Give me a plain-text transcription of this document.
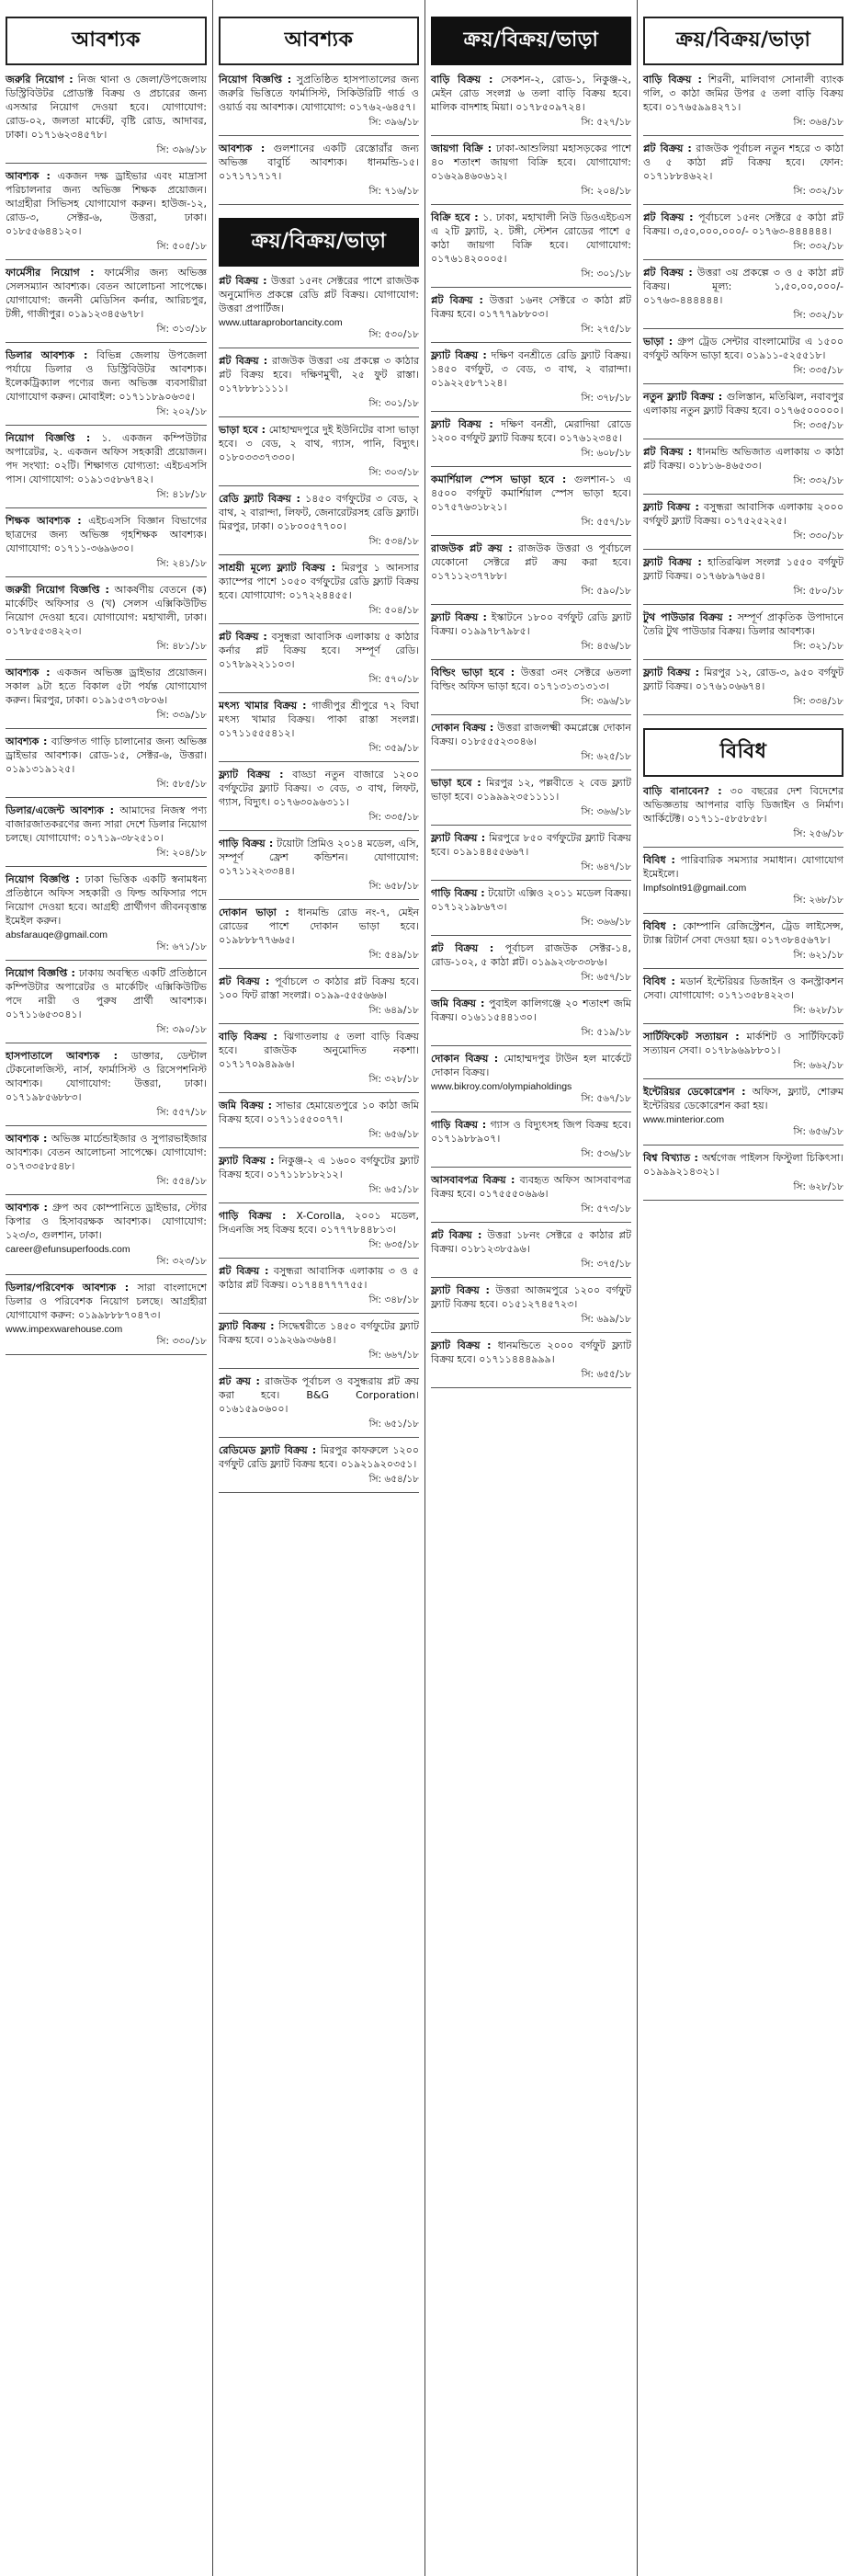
আবশ্যক
জরুরি নিয়োগ : নিজ থানা ও জেলা/উপজেলায় ডিস্ট্রিবিউটর প্রোডাক্ট বিক্রয় ও প্রচারের জন্য এসআর নিয়োগ দেওয়া হবে। যোগাযোগ: রোড-০২, জলতা মার্কেট, বৃষ্টি রোড, আদাবর, ঢাকা। ০১৭১৬২৩৪৫৭৮।
সি: ৩৯৬/১৮
আবশ্যক : একজন দক্ষ ড্রাইভার এবং মাদ্রাসা পরিচালনার জন্য অভিজ্ঞ শিক্ষক প্রয়োজন। আগ্রহীরা সিভিসহ যোগাযোগ করুন। হাউজ-১২, রোড-৩, সেক্টর-৬, উত্তরা, ঢাকা। ০১৮৫৫৬৪৪১২০।
সি: ৫০৫/১৮
ফার্মেসীর নিয়োগ : ফার্মেসীর জন্য অভিজ্ঞ সেলসম্যান আবশ্যক। বেতন আলোচনা সাপেক্ষে। যোগাযোগ: জননী মেডিসিন কর্নার, আরিচপুর, টঙ্গী, গাজীপুর। ০১৯১২৩৪৫৬৭৮।
সি: ৩১৩/১৮
ডিলার আবশ্যক : বিভিন্ন জেলায় উপজেলা পর্যায়ে ডিলার ও ডিস্ট্রিবিউটর আবশ্যক। ইলেকট্রিক্যাল পণ্যের জন্য অভিজ্ঞ ব্যবসায়ীরা যোগাযোগ করুন। মোবাইল: ০১৭১১৮৯০৬৩৫।
সি: ২০২/১৮
নিয়োগ বিজ্ঞপ্তি : ১. একজন কম্পিউটার অপারেটর, ২. একজন অফিস সহকারী প্রয়োজন। পদ সংখ্যা: ০২টি। শিক্ষাগত যোগ্যতা: এইচএসসি পাস। যোগাযোগ: ০১৯১৩৫৮৬৭৪২।
সি: ৪১৮/১৮
শিক্ষক আবশ্যক : এইচএসসি বিজ্ঞান বিভাগের ছাত্রদের জন্য অভিজ্ঞ গৃহশিক্ষক আবশ্যক। যোগাযোগ: ০১৭১১-৩৬৯৬৩০।
সি: ২৪১/১৮
জরুরী নিয়োগ বিজ্ঞপ্তি : আকর্ষণীয় বেতনে (ক) মার্কেটিং অফিসার ও (খ) সেলস এক্সিকিউটিভ নিয়োগ দেওয়া হবে। যোগাযোগ: মহাখালী, ঢাকা। ০১৭৮৫৫৩৪২২৩।
সি: ৪৮১/১৮
আবশ্যক : একজন অভিজ্ঞ ড্রাইভার প্রয়োজন। সকাল ৯টা হতে বিকাল ৫টা পর্যন্ত যোগাযোগ করুন। মিরপুর, ঢাকা। ০১৯১৫৩৭৩৮০৬।
সি: ৩৩৯/১৮
আবশ্যক : ব্যক্তিগত গাড়ি চালানোর জন্য অভিজ্ঞ ড্রাইভার আবশ্যক। রোড-১৫, সেক্টর-৬, উত্তরা। ০১৯১৩১৯১২৫।
সি: ৫৮৫/১৮
ডিলার/এজেন্ট আবশ্যক : আমাদের নিজস্ব পণ্য বাজারজাতকরণের জন্য সারা দেশে ডিলার নিয়োগ চলছে। যোগাযোগ: ০১৭১৯-৩৮২৫১০।
সি: ২০৪/১৮
নিয়োগ বিজ্ঞপ্তি : ঢাকা ভিত্তিক একটি স্বনামধন্য প্রতিষ্ঠানে অফিস সহকারী ও ফিল্ড অফিসার পদে নিয়োগ দেওয়া হবে। আগ্রহী প্রার্থীগণ জীবনবৃত্তান্ত ইমেইল করুন।
absfarauqe@gmail.com
সি: ৬৭১/১৮
নিয়োগ বিজ্ঞপ্তি : ঢাকায় অবস্থিত একটি প্রতিষ্ঠানে কম্পিউটার অপারেটর ও মার্কেটিং এক্সিকিউটিভ পদে নারী ও পুরুষ প্রার্থী আবশ্যক। ০১৭১১৬৫৩০৪১।
সি: ৩৯০/১৮
হাসপাতালে আবশ্যক : ডাক্তার, ডেন্টাল টেকনোলজিস্ট, নার্স, ফার্মাসিস্ট ও রিসেপশনিস্ট আবশ্যক। যোগাযোগ: উত্তরা, ঢাকা। ০১৭১৯৮৫৬৮৮৩।
সি: ৫৫৭/১৮
আবশ্যক : অভিজ্ঞ মার্চেন্ডাইজার ও সুপারভাইজার আবশ্যক। বেতন আলোচনা সাপেক্ষে। যোগাযোগ: ০১৭৩৩৫৮৫৪৮।
সি: ৫৫৪/১৮
আবশ্যক : গ্রুপ অব কোম্পানিতে ড্রাইভার, স্টোর কিপার ও হিসাবরক্ষক আবশ্যক। যোগাযোগ: ১২৩/৩, গুলশান, ঢাকা।
career@efunsuperfoods.com
সি: ৩২৩/১৮
ডিলার/পরিবেশক আবশ্যক : সারা বাংলাদেশে ডিলার ও পরিবেশক নিয়োগ চলছে। আগ্রহীরা যোগাযোগ করুন: ০১৯৯৮৮৮৭০৪৭৩।
www.impexwarehouse.com
সি: ৩৩০/১৮
আবশ্যক
নিয়োগ বিজ্ঞপ্তি : সুপ্রতিষ্ঠিত হাসপাতালের জন্য জরুরি ভিত্তিতে ফার্মাসিস্ট, সিকিউরিটি গার্ড ও ওয়ার্ড বয় আবশ্যক। যোগাযোগ: ০১৭৬২-৬৪৫৭।
সি: ৩৯৬/১৮
আবশ্যক : গুলশানের একটি রেস্তোরাঁর জন্য অভিজ্ঞ বাবুর্চি আবশ্যক। ধানমন্ডি-১৫। ০১৭১৭১৭১৭।
সি: ৭১৬/১৮
ক্রয়/বিক্রয়/ভাড়া
প্লট বিক্রয় : উত্তরা ১৫নং সেক্টরের পাশে রাজউক অনুমোদিত প্রকল্পে রেডি প্লট বিক্রয়। যোগাযোগ: উত্তরা প্রপার্টিজ।
www.uttaraprobortancity.com
সি: ৫৩০/১৮
প্লট বিক্রয় : রাজউক উত্তরা ৩য় প্রকল্পে ৩ কাঠার প্লট বিক্রয় হবে। দক্ষিণমুখী, ২৫ ফুট রাস্তা। ০১৭৮৮৮১১১১।
সি: ৩০১/১৮
ভাড়া হবে : মোহাম্মদপুরে দুই ইউনিটের বাসা ভাড়া হবে। ৩ বেড, ২ বাথ, গ্যাস, পানি, বিদ্যুৎ। ০১৮০৩৩৩৭৩৩০।
সি: ৩০৩/১৮
রেডি ফ্ল্যাট বিক্রয় : ১৪৫০ বর্গফুটের ৩ বেড, ২ বাথ, ২ বারান্দা, লিফট, জেনারেটরসহ রেডি ফ্ল্যাট। মিরপুর, ঢাকা। ০১৮০০৫৭৭০০।
সি: ৫৩৪/১৮
সাশ্রয়ী মূল্যে ফ্ল্যাট বিক্রয় : মিরপুর ১ আনসার ক্যাম্পের পাশে ১০৫০ বর্গফুটের রেডি ফ্ল্যাট বিক্রয় হবে। যোগাযোগ: ০১৭২২৪৪৫৫।
সি: ৫০৪/১৮
প্লট বিক্রয় : বসুন্ধরা আবাসিক এলাকায় ৫ কাঠার কর্নার প্লট বিক্রয় হবে। সম্পূর্ণ রেডি। ০১৭৮৯২২১১০৩।
সি: ৫৭০/১৮
মৎস্য খামার বিক্রয় : গাজীপুর শ্রীপুরে ৭২ বিঘা মৎস্য খামার বিক্রয়। পাকা রাস্তা সংলগ্ন। ০১৭১১৫৫৫৪১২।
সি: ৩৫৯/১৮
ফ্ল্যাট বিক্রয় : বাড্ডা নতুন বাজারে ১২০০ বর্গফুটের ফ্ল্যাট বিক্রয়। ৩ বেড, ৩ বাথ, লিফট, গ্যাস, বিদ্যুৎ। ০১৭৬৩০৯৬৩১১।
সি: ৩৩৫/১৮
গাড়ি বিক্রয় : টয়োটা প্রিমিও ২০১৪ মডেল, এসি, সম্পূর্ণ ফ্রেশ কন্ডিশন। যোগাযোগ: ০১৭১১২২৩৩৪৪।
সি: ৬৫৮/১৮
দোকান ভাড়া : ধানমন্ডি রোড নং-৭, মেইন রোডের পাশে দোকান ভাড়া হবে। ০১৯৮৮৮৭৭৬৬৫।
সি: ৫৪৯/১৮
প্লট বিক্রয় : পূর্বাচলে ৩ কাঠার প্লট বিক্রয় হবে। ১০০ ফিট রাস্তা সংলগ্ন। ০১৯৯-৫৫৫৬৬৬।
সি: ৬৪৯/১৮
বাড়ি বিক্রয় : ঝিগাতলায় ৫ তলা বাড়ি বিক্রয় হবে। রাজউক অনুমোদিত নকশা। ০১৭১৭০৯৪৯৯৬।
সি: ৩২৮/১৮
জমি বিক্রয় : সাভার হেমায়েতপুরে ১০ কাঠা জমি বিক্রয় হবে। ০১৭১১৫৫০০৭৭।
সি: ৬৫৬/১৮
ফ্ল্যাট বিক্রয় : নিকুঞ্জ-২ এ ১৬০০ বর্গফুটের ফ্ল্যাট বিক্রয় হবে। ০১৭১১৮১৮২১২।
সি: ৬৫১/১৮
গাড়ি বিক্রয় : X-Corolla, ২০০১ মডেল, সিএনজি সহ বিক্রয় হবে। ০১৭৭৭৮৪৪৮১৩।
সি: ৬৩৫/১৮
প্লট বিক্রয় : বসুন্ধরা আবাসিক এলাকায় ৩ ও ৫ কাঠার প্লট বিক্রয়। ০১৭৪৪৭৭৭৭৫৫।
সি: ৩৪৮/১৮
ফ্ল্যাট বিক্রয় : সিদ্ধেশ্বরীতে ১৪৫০ বর্গফুটের ফ্ল্যাট বিক্রয় হবে। ০১৯২৬৯৩৬৬৪।
সি: ৬৬৭/১৮
প্লট ক্রয় : রাজউক পূর্বাচল ও বসুন্ধরায় প্লট ক্রয় করা হবে। B&G Corporation। ০১৬১৫৯০৬০০।
সি: ৬৫১/১৮
রেডিমেড ফ্ল্যাট বিক্রয় : মিরপুর কাফরুলে ১২০০ বর্গফুট রেডি ফ্ল্যাট বিক্রয় হবে। ০১৯২১৯২০৩৫১।
সি: ৬৫৪/১৮
ক্রয়/বিক্রয়/ভাড়া
বাড়ি বিক্রয় : সেকশন-২, রোড-১, নিকুঞ্জ-২, মেইন রোড সংলগ্ন ৬ তলা বাড়ি বিক্রয় হবে। মালিক বাদশাহ মিয়া। ০১৭৮৫০৯৭২৪।
সি: ৫২৭/১৮
জায়গা বিক্রি : ঢাকা-আশুলিয়া মহাসড়কের পাশে ৪০ শতাংশ জায়গা বিক্রি হবে। যোগাযোগ: ০১৬২৯৪৬০৬১২।
সি: ২০৪/১৮
বিক্রি হবে : ১. ঢাকা, মহাখালী নিউ ডিওএইচএস এ ২টি ফ্ল্যাট, ২. টঙ্গী, স্টেশন রোডের পাশে ৫ কাঠা জায়গা বিক্রি হবে। যোগাযোগ: ০১৭৬১৪২০০০৫।
সি: ৩০১/১৮
প্লট বিক্রয় : উত্তরা ১৬নং সেক্টরে ৩ কাঠা প্লট বিক্রয় হবে। ০১৭৭৭৯৮৮০৩।
সি: ২৭৫/১৮
ফ্ল্যাট বিক্রয় : দক্ষিণ বনশ্রীতে রেডি ফ্ল্যাট বিক্রয়। ১৪৫০ বর্গফুট, ৩ বেড, ৩ বাথ, ২ বারান্দা। ০১৯২২৫৮৭১২৪।
সি: ৩৭৮/১৮
ফ্ল্যাট বিক্রয় : দক্ষিণ বনশ্রী, মেরাদিয়া রোডে ১২০০ বর্গফুট ফ্ল্যাট বিক্রয় হবে। ০১৭৬১২৩৪৫।
সি: ৬০৮/১৮
কমার্শিয়াল স্পেস ভাড়া হবে : গুলশান-১ এ ৪৫০০ বর্গফুট কমার্শিয়াল স্পেস ভাড়া হবে। ০১৭৫৭৬৩১৮২১।
সি: ৫৫৭/১৮
রাজউক প্লট ক্রয় : রাজউক উত্তরা ও পূর্বাচলে যেকোনো সেক্টরে প্লট ক্রয় করা হবে। ০১৭১১২৩৭৭৮৮।
সি: ৫৯০/১৮
ফ্ল্যাট বিক্রয় : ইস্কাটনে ১৮০০ বর্গফুট রেডি ফ্ল্যাট বিক্রয়। ০১৯৯৭৮৭৯৮৫।
সি: ৪৫৬/১৮
বিল্ডিং ভাড়া হবে : উত্তরা ৩নং সেক্টরে ৬তলা বিল্ডিং অফিস ভাড়া হবে। ০১৭১৩১৩১৩১৩।
সি: ৩৯৬/১৮
দোকান বিক্রয় : উত্তরা রাজলক্ষ্মী কমপ্লেক্সে দোকান বিক্রয়। ০১৮৫৫৫২৩০৪৬।
সি: ৬২৫/১৮
ভাড়া হবে : মিরপুর ১২, পল্লবীতে ২ বেড ফ্ল্যাট ভাড়া হবে। ০১৯৯৯২৩৫১১১১।
সি: ৩৬৬/১৮
ফ্ল্যাট বিক্রয় : মিরপুরে ৮৫০ বর্গফুটের ফ্ল্যাট বিক্রয় হবে। ০১৯১৪৪৫৫৬৬৭।
সি: ৬৪৭/১৮
গাড়ি বিক্রয় : টয়োটা এক্সিও ২০১১ মডেল বিক্রয়। ০১৭১২১৯৮৬৭৩।
সি: ৩৬৬/১৮
প্লট বিক্রয় : পূর্বাচল রাজউক সেক্টর-১৪, রোড-১০২, ৫ কাঠা প্লট। ০১৯৯২৩৮৩৩৮৬।
সি: ৬৫৭/১৮
জমি বিক্রয় : পুবাইল কালিগঞ্জে ২০ শতাংশ জমি বিক্রয়। ০১৬১১৫৪৪১৩০।
সি: ৫১৯/১৮
দোকান বিক্রয় : মোহাম্মদপুর টাউন হল মার্কেটে দোকান বিক্রয়।
www.bikroy.com/olympiaholdings
সি: ৫৬৭/১৮
গাড়ি বিক্রয় : গ্যাস ও বিদ্যুৎসহ জিপ বিক্রয় হবে। ০১৭১৯৮৮৯০৭।
সি: ৫৩৬/১৮
আসবাবপত্র বিক্রয় : ব্যবহৃত অফিস আসবাবপত্র বিক্রয় হবে। ০১৭৫৫৫০৬৯৬।
সি: ৫৭৩/১৮
প্লট বিক্রয় : উত্তরা ১৮নং সেক্টরে ৫ কাঠার প্লট বিক্রয়। ০১৮১২৩৮৫৯৬।
সি: ৩৭৫/১৮
ফ্ল্যাট বিক্রয় : উত্তরা আজমপুরে ১২০০ বর্গফুট ফ্ল্যাট বিক্রয় হবে। ০১৫১২৭৪৫৭২৩।
সি: ৬৯৯/১৮
ফ্ল্যাট বিক্রয় : ধানমন্ডিতে ২০০০ বর্গফুট ফ্ল্যাট বিক্রয় হবে। ০১৭১১৪৪৪৯৯৯।
সি: ৬৫৫/১৮
ক্রয়/বিক্রয়/ভাড়া
বাড়ি বিক্রয় : শিরনী, মালিবাগ সোনালী ব্যাংক গলি, ৩ কাঠা জমির উপর ৫ তলা বাড়ি বিক্রয় হবে। ০১৭৬৫৯৯৪২৭১।
সি: ৩৬৪/১৮
প্লট বিক্রয় : রাজউক পূর্বাচল নতুন শহরে ৩ কাঠা ও ৫ কাঠা প্লট বিক্রয় হবে। ফোন: ০১৭১৮৮৪৬২২।
সি: ৩৩২/১৮
প্লট বিক্রয় : পূর্বাচলে ১৫নং সেক্টরে ৫ কাঠা প্লট বিক্রয়। ৩,৫০,০০০,০০০/- ০১৭৬৩-৪৪৪৪৪৪।
সি: ৩৩২/১৮
প্লট বিক্রয় : উত্তরা ৩য় প্রকল্পে ৩ ও ৫ কাঠা প্লট বিক্রয়। মূল্য: ১,৫০,০০,০০০/- ০১৭৬৩-৪৪৪৪৪৪।
সি: ৩৩২/১৮
ভাড়া : গ্রুপ ট্রেড সেন্টার বাংলামোটর এ ১৫০০ বর্গফুট অফিস ভাড়া হবে। ০১৯১১-৫২৫৫১৮।
সি: ৩৩৫/১৮
নতুন ফ্ল্যাট বিক্রয় : গুলিস্তান, মতিঝিল, নবাবপুর এলাকায় নতুন ফ্ল্যাট বিক্রয় হবে। ০১৭৬৫০০০০০।
সি: ৩৩৫/১৮
প্লট বিক্রয় : ধানমন্ডি অভিজাত এলাকায় ৩ কাঠা প্লট বিক্রয়। ০১৮১৬-৪৬৫৩৩।
সি: ৩৩২/১৮
ফ্ল্যাট বিক্রয় : বসুন্ধরা আবাসিক এলাকায় ২০০০ বর্গফুট ফ্ল্যাট বিক্রয়। ০১৭৫২৫২২৫।
সি: ৩৩০/১৮
ফ্ল্যাট বিক্রয় : হাতিরঝিল সংলগ্ন ১৫৫০ বর্গফুট ফ্ল্যাট বিক্রয়। ০১৭৬৮৯৭৬৫৪।
সি: ৫৮০/১৮
টুথ পাউডার বিক্রয় : সম্পূর্ণ প্রাকৃতিক উপাদানে তৈরি টুথ পাউডার বিক্রয়। ডিলার আবশ্যক।
সি: ৩২১/১৮
ফ্ল্যাট বিক্রয় : মিরপুর ১২, রোড-৩, ৯৫০ বর্গফুট ফ্ল্যাট বিক্রয়। ০১৭৬১০৬৬৭৪।
সি: ৩৩৪/১৮
বিবিধ
বাড়ি বানাবেন? : ৩০ বছরের দেশ বিদেশের অভিজ্ঞতায় আপনার বাড়ি ডিজাইন ও নির্মাণ। আর্কিটেক্ট। ০১৭১১-৫৮৫৮৫৮।
সি: ২৫৬/১৮
বিবিধ : পারিবারিক সমস্যার সমাধান। যোগাযোগ ইমেইলে।
lmpfsolnt91@gmail.com
সি: ২৬৮/১৮
বিবিধ : কোম্পানি রেজিস্ট্রেশন, ট্রেড লাইসেন্স, ট্যাক্স রিটার্ন সেবা দেওয়া হয়। ০১৭৩৮৪৫৬৭৮।
সি: ৬২১/১৮
বিবিধ : মডার্ন ইন্টেরিয়র ডিজাইন ও কনস্ট্রাকশন সেবা। যোগাযোগ: ০১৭১৩৫৮৪২২৩।
সি: ৬২৮/১৮
সার্টিফিকেট সত্যায়ন : মার্কশিট ও সার্টিফিকেট সত্যায়ন সেবা। ০১৭৮৯৬৯৮৮০১।
সি: ৬৬২/১৮
ইন্টেরিয়র ডেকোরেশন : অফিস, ফ্ল্যাট, শোরুম ইন্টেরিয়র ডেকোরেশন করা হয়।
www.minterior.com
সি: ৬৫৬/১৮
বিশ্ব বিখ্যাত : অর্শ্বগেজ পাইলস ফিস্টুলা চিকিৎসা। ০১৯৯৯২১৪৩২১।
সি: ৬২৮/১৮
